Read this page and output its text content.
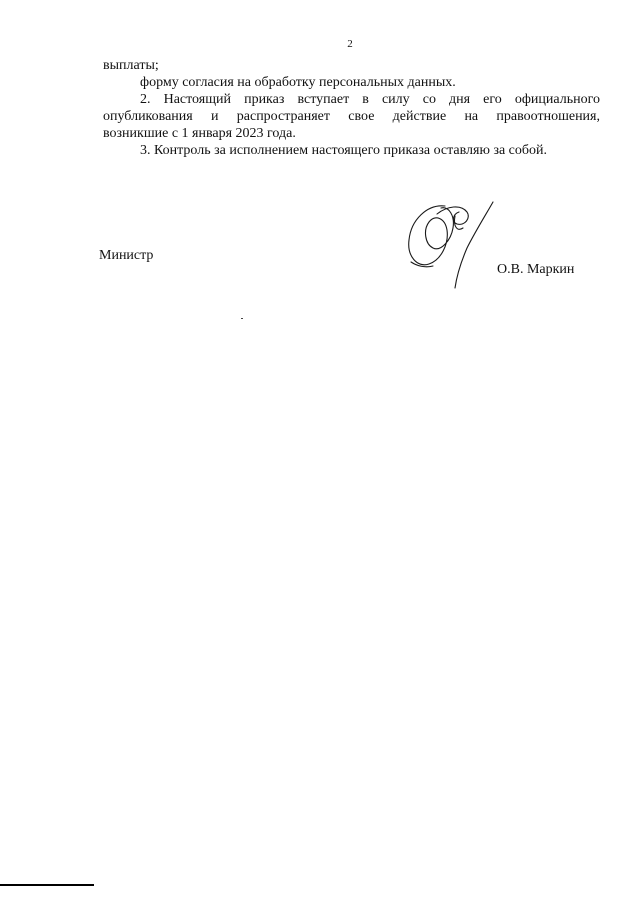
2

выплаты;

форму согласия на обработку персональных данных.

2. Настоящий приказ вступает в силу со дня его официального
опубликования и распространяет свое действие на правоотношения,
возникшие с 1 января 2023 года.

3. Контроль за исполнением настоящего приказа оставляю за собой.

Министр
О.В. Маркин
